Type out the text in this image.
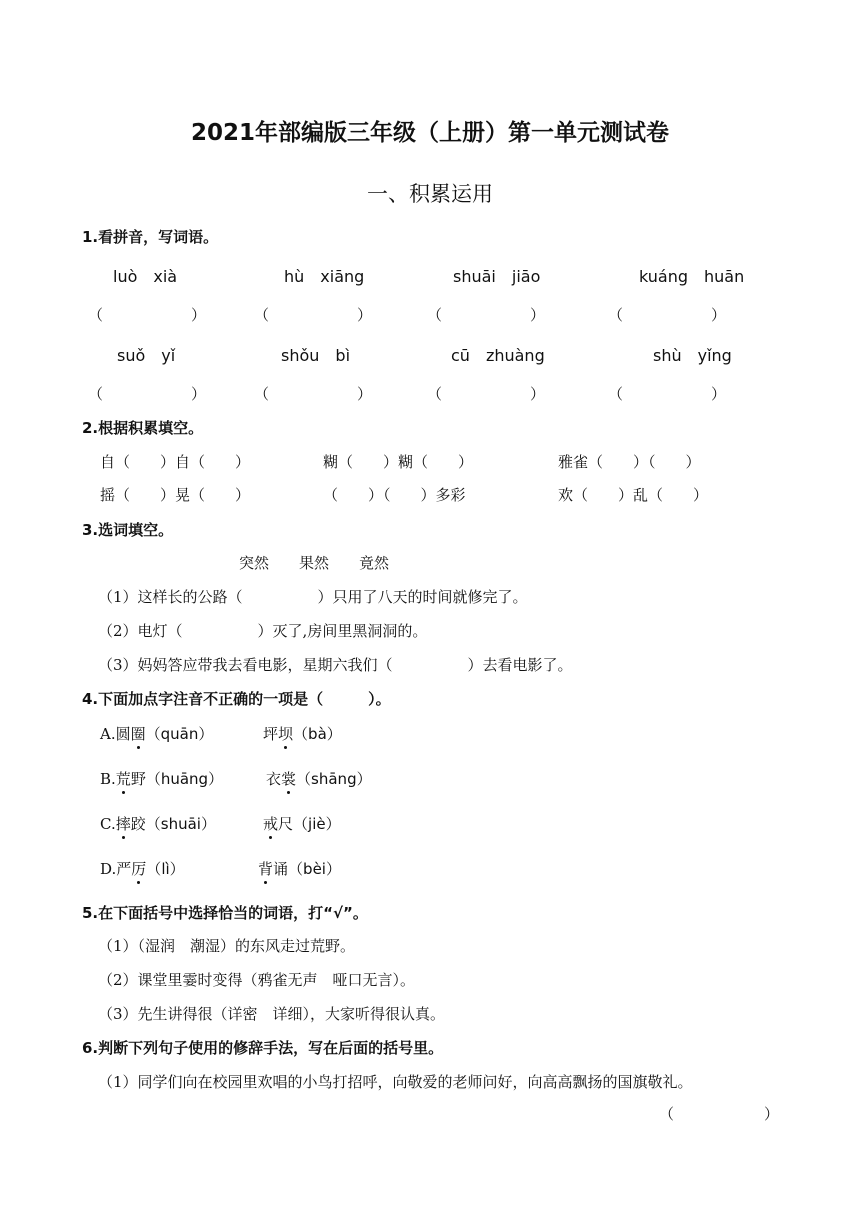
2021年部编版三年级（上册）第一单元测试卷
一、积累运用
1.看拼音，写词语。
luò　xià	hù　xiāng	shuāi　jiāo	kuáng　huān
（	）	（	）	（	）	（	）
suǒ　yǐ	shǒu　bì	cū　zhuàng	shù　yǐng
（	）	（	）	（	）	（	）
2.根据积累填空。
自（　　）自（　　）	糊（　　）糊（　　）	雅雀（　　）（　　）
摇（　　）晃（　　）	（　　）（　　）多彩	欢（　　）乱（　　）
3.选词填空。
突然　　果然　　竟然
（1）这样长的公路（　　　　　）只用了八天的时间就修完了。
（2）电灯（　　　　　）灭了,房间里黑洞洞的。
（3）妈妈答应带我去看电影，星期六我们（　　　　　）去看电影了。
4.下面加点字注音不正确的一项是（　　　）。
A.圆圈（quān）	坪坝（bà）
B.荒野（huāng）	衣裳（shāng）
C.摔跤（shuāi）	戒尺（jiè）
D.严厉（lì）	背诵（bèi）
5.在下面括号中选择恰当的词语，打“√”。
（1）（湿润　潮湿）的东风走过荒野。
（2）课堂里霎时变得（鸦雀无声　哑口无言）。
（3）先生讲得很（详密　详细），大家听得很认真。
6.判断下列句子使用的修辞手法，写在后面的括号里。
（1）同学们向在校园里欢唱的小鸟打招呼，向敬爱的老师问好，向高高飘扬的国旗敬礼。
（　　　　　　）
